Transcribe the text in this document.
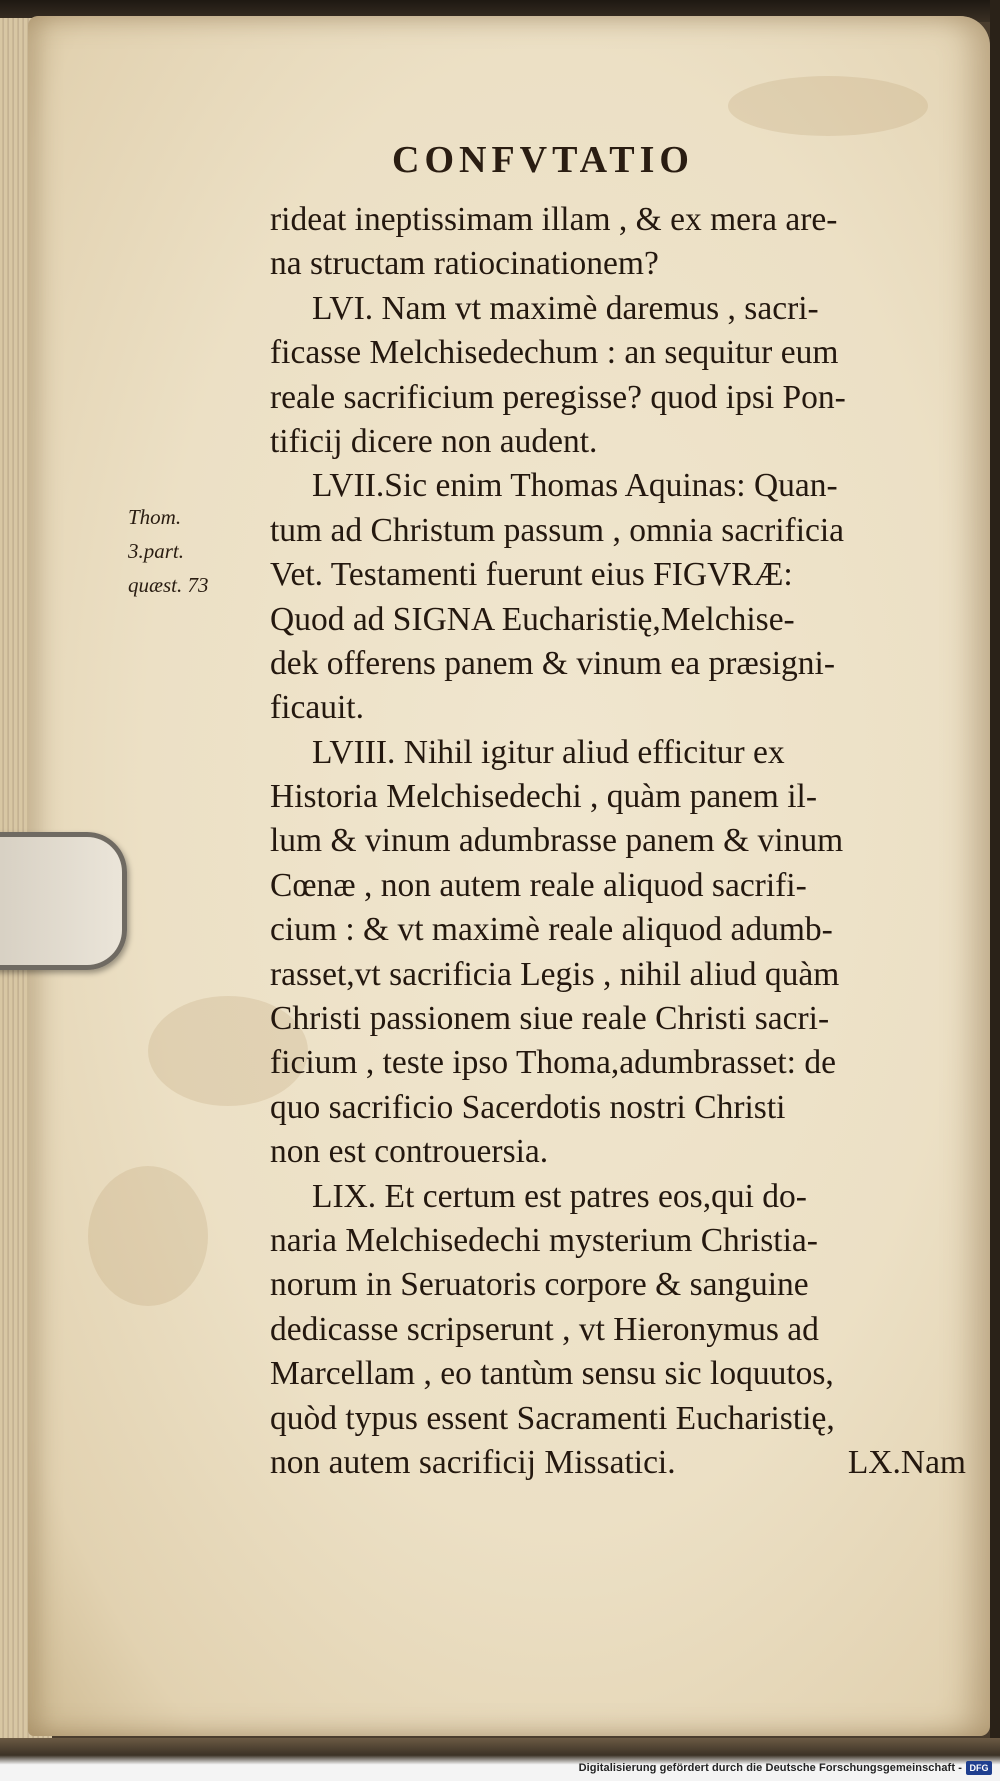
CONFVTATIO
Thom.
3.part.
quæst. 73
rideat ineptissimam illam , & ex mera are-
na structam ratiocinationem?
LVI. Nam vt maximè daremus , sacri-
ficasse Melchisedechum : an sequitur eum
reale sacrificium peregisse? quod ipsi Pon-
tificij dicere non audent.
LVII.Sic enim Thomas Aquinas: Quan-
tum ad Christum passum , omnia sacrificia
Vet. Testamenti fuerunt eius FIGVRÆ:
Quod ad SIGNA Eucharistię,Melchise-
dek offerens panem & vinum ea præsigni-
ficauit.
LVIII. Nihil igitur aliud efficitur ex
Historia Melchisedechi , quàm panem il-
lum & vinum adumbrasse panem & vinum
Cœnæ , non autem reale aliquod sacrifi-
cium : & vt maximè reale aliquod adumb-
rasset,vt sacrificia Legis , nihil aliud quàm
Christi passionem siue reale Christi sacri-
ficium , teste ipso Thoma,adumbrasset: de
quo sacrificio Sacerdotis nostri Christi
non est controuersia.
LIX. Et certum est patres eos,qui do-
naria Melchisedechi mysterium Christia-
norum in Seruatoris corpore & sanguine
dedicasse scripserunt , vt Hieronymus ad
Marcellam , eo tantùm sensu sic loquutos,
quòd typus essent Sacramenti Eucharistię,
non autem sacrificij Missatici.	LX.Nam
Digitalisierung gefördert durch die Deutsche Forschungsgemeinschaft - DFG
